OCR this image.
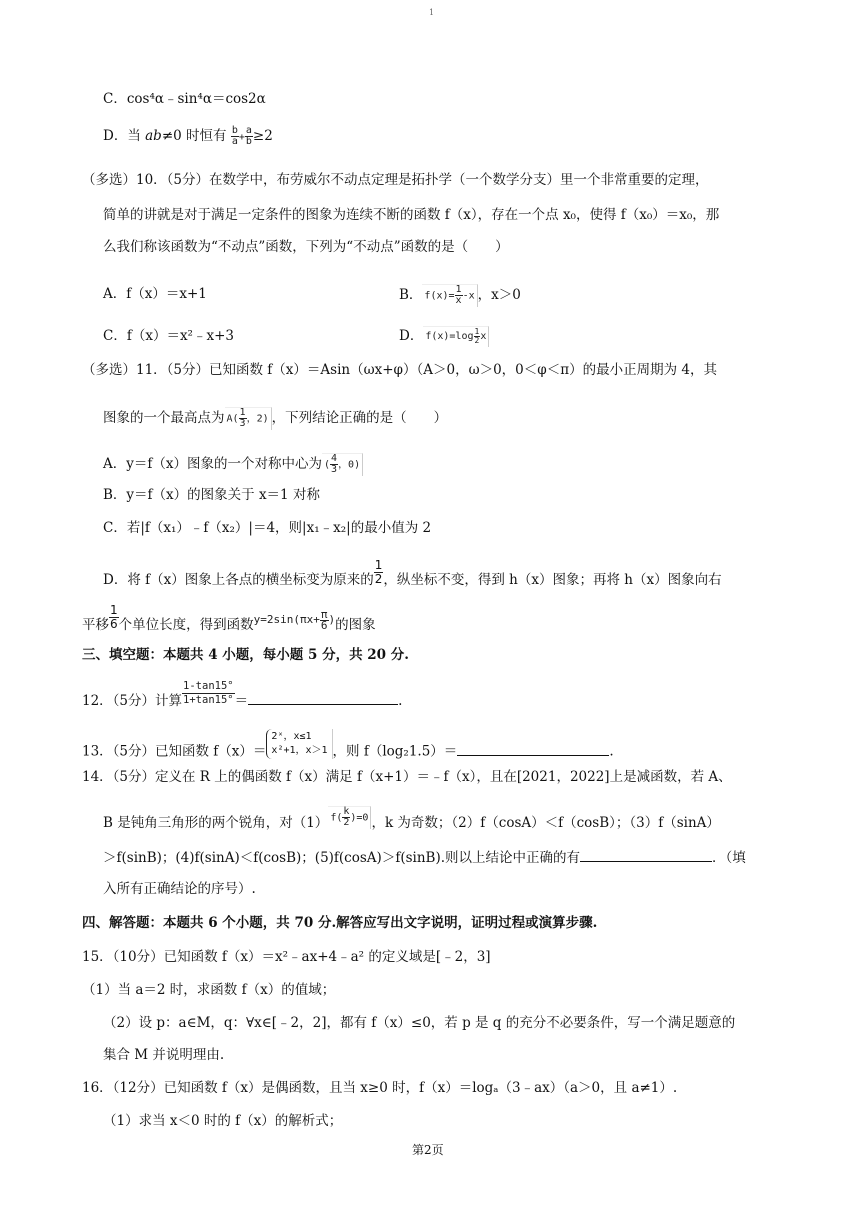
1
C．cos⁴α﹣sin⁴α＝cos2α
D．当 ab≠0 时恒有 $\frac{b}{a} + \frac{a}{b} \ge 2$
（多选）10．（5分）在数学中，布劳威尔不动点定理是拓扑学（一个数学分支）里一个非常重要的定理，
简单的讲就是对于满足一定条件的图象为连续不断的函数 f（x），存在一个点 x₀，使得 f（x₀）＝x₀，那
么我们称该函数为“不动点”函数，下列为“不动点”函数的是（　　）
A．f（x）＝x+1	B． $f(x)= \frac{1}{x} -x$ ，x＞0
C．f（x）＝x²﹣x+3	D． $f(x)=\log \frac{1}{2}$ x
（多选）11．（5分）已知函数 f（x）＝Asin（ωx+φ）（A＞0，ω＞0，0＜φ＜π）的最小正周期为 4，其
图象的一个最高点为 $A( \frac{1}{3}$ ，2) ，下列结论正确的是（　　）
A．y＝f（x）图象的一个对称中心为 ( $\frac{4}{3}$ ，0)
B．y＝f（x）的图象关于 x＝1 对称
C．若|f（x₁）﹣f（x₂）|＝4，则|x₁﹣x₂|的最小值为 2
D．将 f（x）图象上各点的横坐标变为原来的 $\frac{1}{2}$ ，纵坐标不变，得到 h（x）图象；再将 h（x）图象向右
平移 $\frac{1}{6}$ 个单位长度，得到函数$^{y=2sin(\pi x+ \frac{\pi}{6} )}$的图象
三、填空题：本题共 4 小题，每小题 5 分，共 20 分.
12．（5分）计算 $\frac{1-\tan 15^\circ}{1+\tan 15^\circ}$ ＝	.
13．（5分）已知函数 f（x）＝
2ˣ，x≤1
x²+1，x＞1 ，则 f（log₂1.5）＝	.
14．（5分）定义在 R 上的偶函数 f（x）满足 f（x+1）＝﹣f（x），且在[2021，2022]上是减函数，若 A、
B 是钝角三角形的两个锐角，对（1） $f( \frac{k}{2} )=0$ ，k 为奇数；（2）f（cosA）＜f（cosB）；（3）f（sinA）
＞f(sinB)；(4)f(sinA)＜f(cosB)；(5)f(cosA)＞f(sinB).则以上结论中正确的有	．（填
入所有正确结论的序号）.
四、解答题：本题共 6 个小题，共 70 分.解答应写出文字说明，证明过程或演算步骤.
15．（10分）已知函数 f（x）＝x²﹣ax+4﹣a² 的定义域是[﹣2，3]
（1）当 a＝2 时，求函数 f（x）的值域；
（2）设 p：a∈M，q：∀x∈[﹣2，2]，都有 f（x）≤0，若 p 是 q 的充分不必要条件，写一个满足题意的
集合 M 并说明理由.
16．（12分）已知函数 f（x）是偶函数，且当 x≥0 时，f（x）＝logₐ（3﹣ax）（a＞0，且 a≠1）.
（1）求当 x＜0 时的 f（x）的解析式；
第2页
